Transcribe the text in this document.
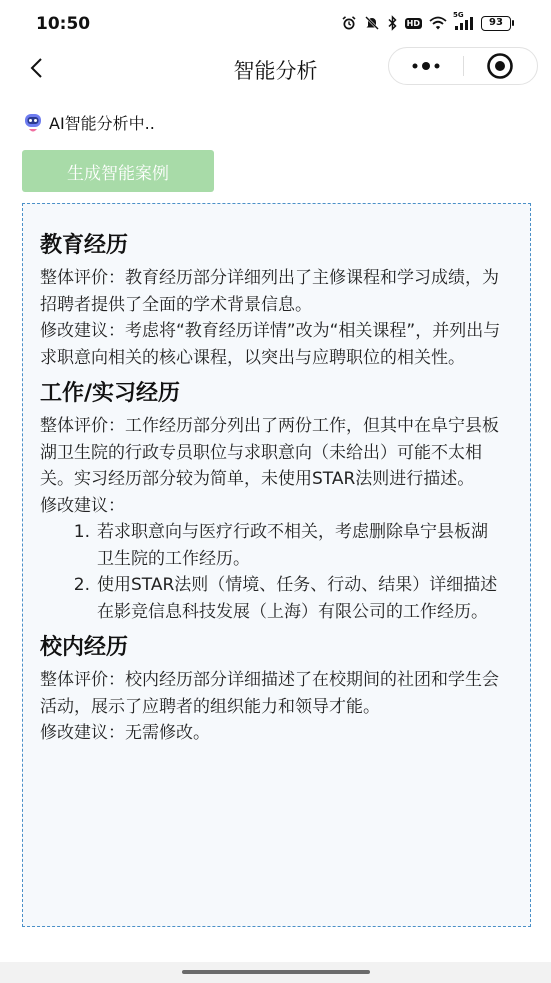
10:50	HD
5G
93
智能分析
AI智能分析中..
生成智能案例
教育经历

整体评价：教育经历部分详细列出了主修课程和学习成绩，为招聘者提供了全面的学术背景信息。

修改建议：考虑将“教育经历详情”改为“相关课程”，并列出与求职意向相关的核心课程，以突出与应聘职位的相关性。

工作/实习经历

整体评价：工作经历部分列出了两份工作，但其中在阜宁县板湖卫生院的行政专员职位与求职意向（未给出）可能不太相关。实习经历部分较为简单，未使用STAR法则进行描述。

修改建议：

1. 若求职意向与医疗行政不相关，考虑删除阜宁县板湖卫生院的工作经历。
2. 使用STAR法则（情境、任务、行动、结果）详细描述在影竞信息科技发展（上海）有限公司的工作经历。
校内经历

整体评价：校内经历部分详细描述了在校期间的社团和学生会活动，展示了应聘者的组织能力和领导才能。

修改建议：无需修改。
